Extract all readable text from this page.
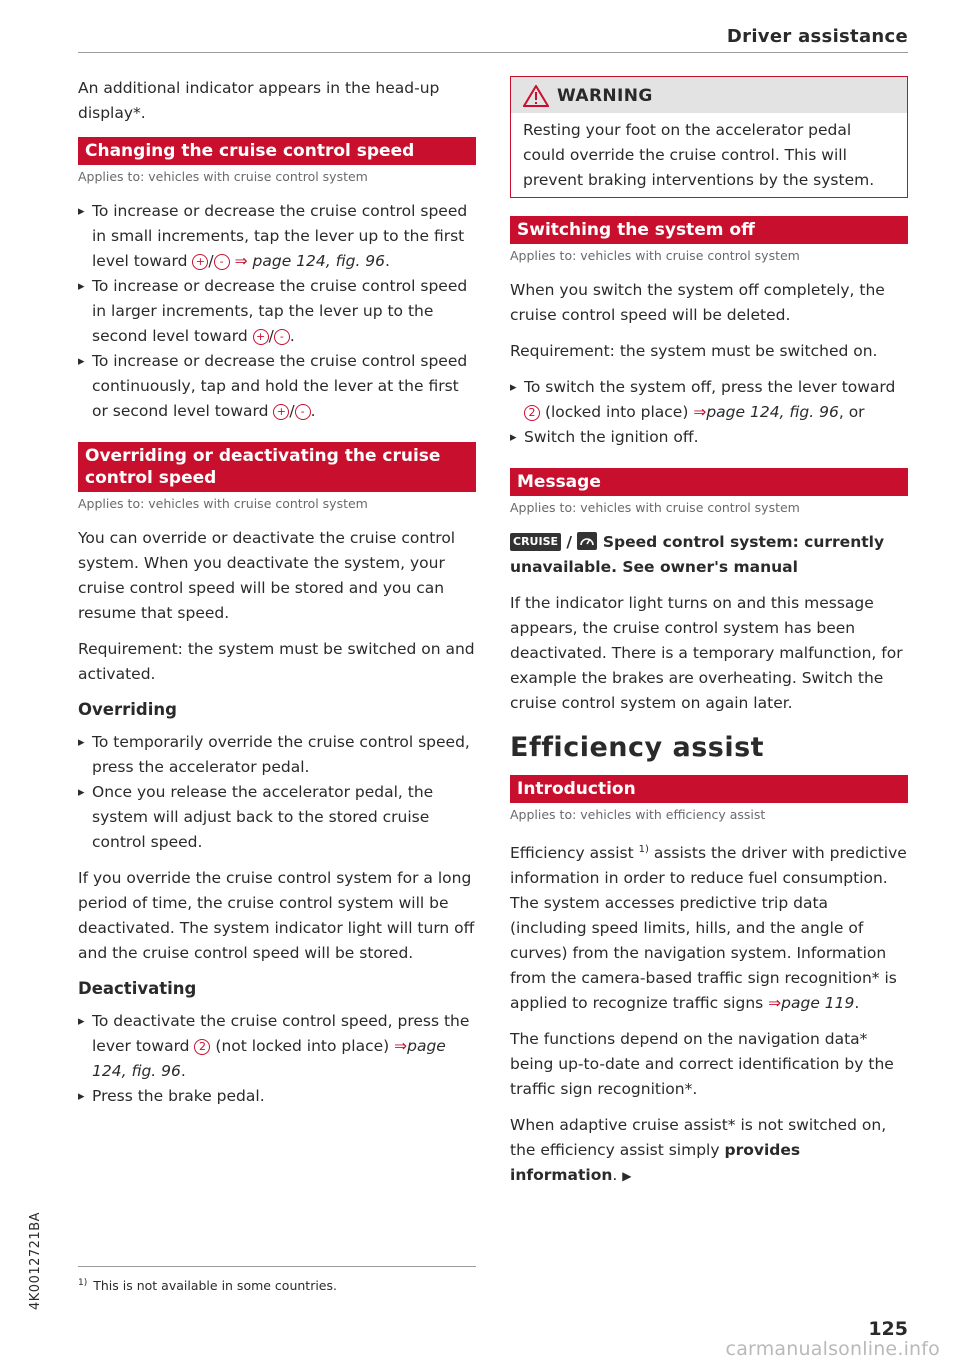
Driver assistance

An additional indicator appears in the head-up display*.

Changing the cruise control speed
Applies to: vehicles with cruise control system
▸ To increase or decrease the cruise control speed in small increments, tap the lever up to the first level toward + / - ⇒ page 124, fig. 96.
▸ To increase or decrease the cruise control speed in larger increments, tap the lever up to the second level toward + / - .
▸ To increase or decrease the cruise control speed continuously, tap and hold the lever at the first or second level toward + / - .
Overriding or deactivating the cruise control speed
Applies to: vehicles with cruise control system

You can override or deactivate the cruise control system. When you deactivate the system, your cruise control speed will be stored and you can resume that speed.

Requirement: the system must be switched on and activated.

Overriding
▸ To temporarily override the cruise control speed, press the accelerator pedal.
▸ Once you release the accelerator pedal, the system will adjust back to the stored cruise control speed.

If you override the cruise control system for a long period of time, the cruise control system will be deactivated. The system indicator light will turn off and the cruise control speed will be stored.

Deactivating
▸ To deactivate the cruise control speed, press the lever toward 2 (not locked into place) ⇒page 124, fig. 96.
▸ Press the brake pedal.
WARNING
Resting your foot on the accelerator pedal could override the cruise control. This will prevent braking interventions by the system.
Switching the system off
Applies to: vehicles with cruise control system

When you switch the system off completely, the cruise control speed will be deleted.

Requirement: the system must be switched on.

▸ To switch the system off, press the lever toward 2 (locked into place) ⇒page 124, fig. 96, or
▸ Switch the ignition off.
Message
Applies to: vehicles with cruise control system
CRUISE /  Speed control system: currently unavailable. See owner's manual

If the indicator light turns on and this message appears, the cruise control system has been deactivated. There is a temporary malfunction, for example the brakes are overheating. Switch the cruise control system on again later.

Efficiency assist
Introduction
Applies to: vehicles with efficiency assist

Efficiency assist $^{1)}$ assists the driver with predictive information in order to reduce fuel consumption. The system accesses predictive trip data (including speed limits, hills, and the angle of curves) from the navigation system. Information from the camera-based traffic sign recognition* is applied to recognize traffic signs ⇒page 119.

The functions depend on the navigation data* being up-to-date and correct identification by the traffic sign recognition*.

When adaptive cruise assist* is not switched on, the efficiency assist simply provides information. ▶

$^{1)}$ This is not available in some countries.
4K0012721BA
125
carmanualsonline.info
